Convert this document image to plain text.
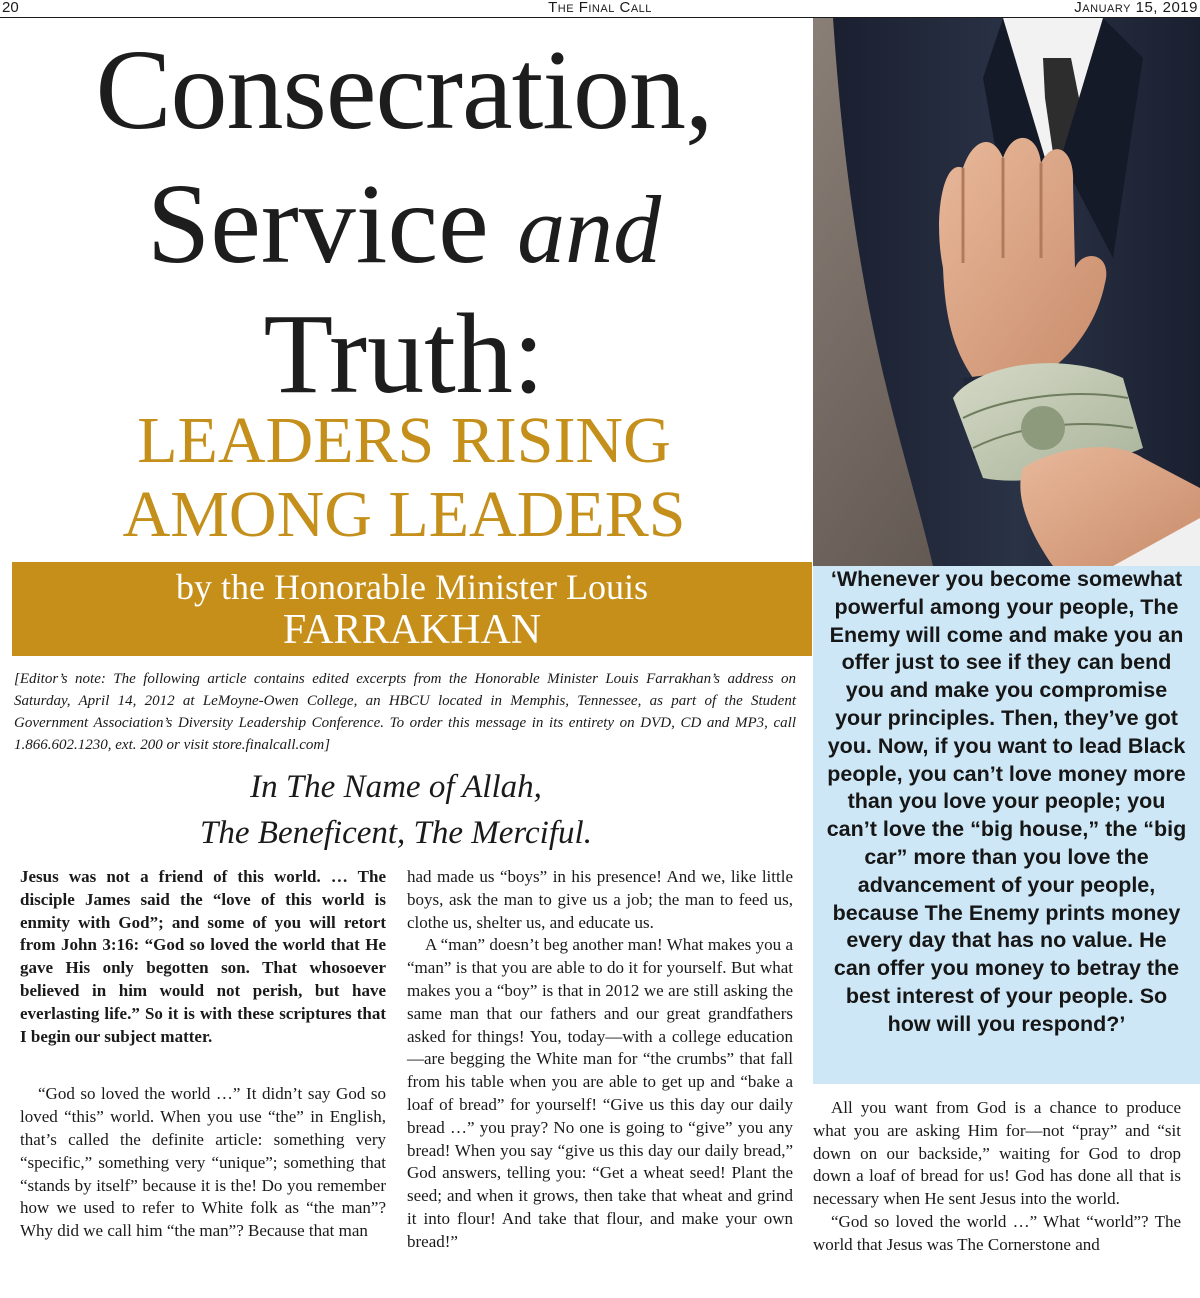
20	The Final Call	January 15, 2019
Consecration,
Service and
Truth:
LEADERS RISING
AMONG LEADERS
by the Honorable Minister Louis
FARRAKHAN
[Editor’s note: The following article contains edited excerpts from the Honorable Minister Louis Farrakhan’s address on Saturday, April 14, 2012 at LeMoyne-Owen College, an HBCU located in Memphis, Tennessee, as part of the Student Government Association’s Diversity Leadership Conference. To order this message in its entirety on DVD, CD and MP3, call 1.866.602.1230, ext. 200 or visit store.finalcall.com]
In The Name of Allah,
The Beneficent, The Merciful.

Jesus was not a friend of this world. … The disciple James said the “love of this world is enmity with God”; and some of you will retort from John 3:16: “God so loved the world that He gave His only begotten son. That whosoever believed in him would not perish, but have everlasting life.” So it is with these scriptures that I begin our subject matter.

“God so loved the world …” It didn’t say God so loved “this” world. When you use “the” in English, that’s called the definite article: something very “specific,” something very “unique”; something that “stands by itself” because it is the! Do you remember how we used to refer to White folk as “the man”? Why did we call him “the man”? Because that man

had made us “boys” in his presence! And we, like little boys, ask the man to give us a job; the man to feed us, clothe us, shelter us, and educate us.

A “man” doesn’t beg another man! What makes you a “man” is that you are able to do it for yourself. But what makes you a “boy” is that in 2012 we are still asking the same man that our fathers and our great grandfathers asked for things! You, today—with a college education—are begging the White man for “the crumbs” that fall from his table when you are able to get up and “bake a loaf of bread” for yourself! “Give us this day our daily bread …” you pray? No one is going to “give” you any bread! When you say “give us this day our daily bread,” God answers, telling you: “Get a wheat seed! Plant the seed; and when it grows, then take that wheat and grind it into flour! And take that flour, and make your own bread!”

‘Whenever you become somewhat powerful among your people, The Enemy will come and make you an offer just to see if they can bend you and make you compromise your principles. Then, they’ve got you. Now, if you want to lead Black people, you can’t love money more than you love your people; you can’t love the “big house,” the “big car” more than you love the advancement of your people, because The Enemy prints money every day that has no value. He can offer you money to betray the best interest of your people. So how will you respond?’

All you want from God is a chance to produce what you are asking Him for—not “pray” and “sit down on our backside,” waiting for God to drop down a loaf of bread for us! God has done all that is necessary when He sent Jesus into the world.

“God so loved the world …” What “world”? The world that Jesus was The Cornerstone and
